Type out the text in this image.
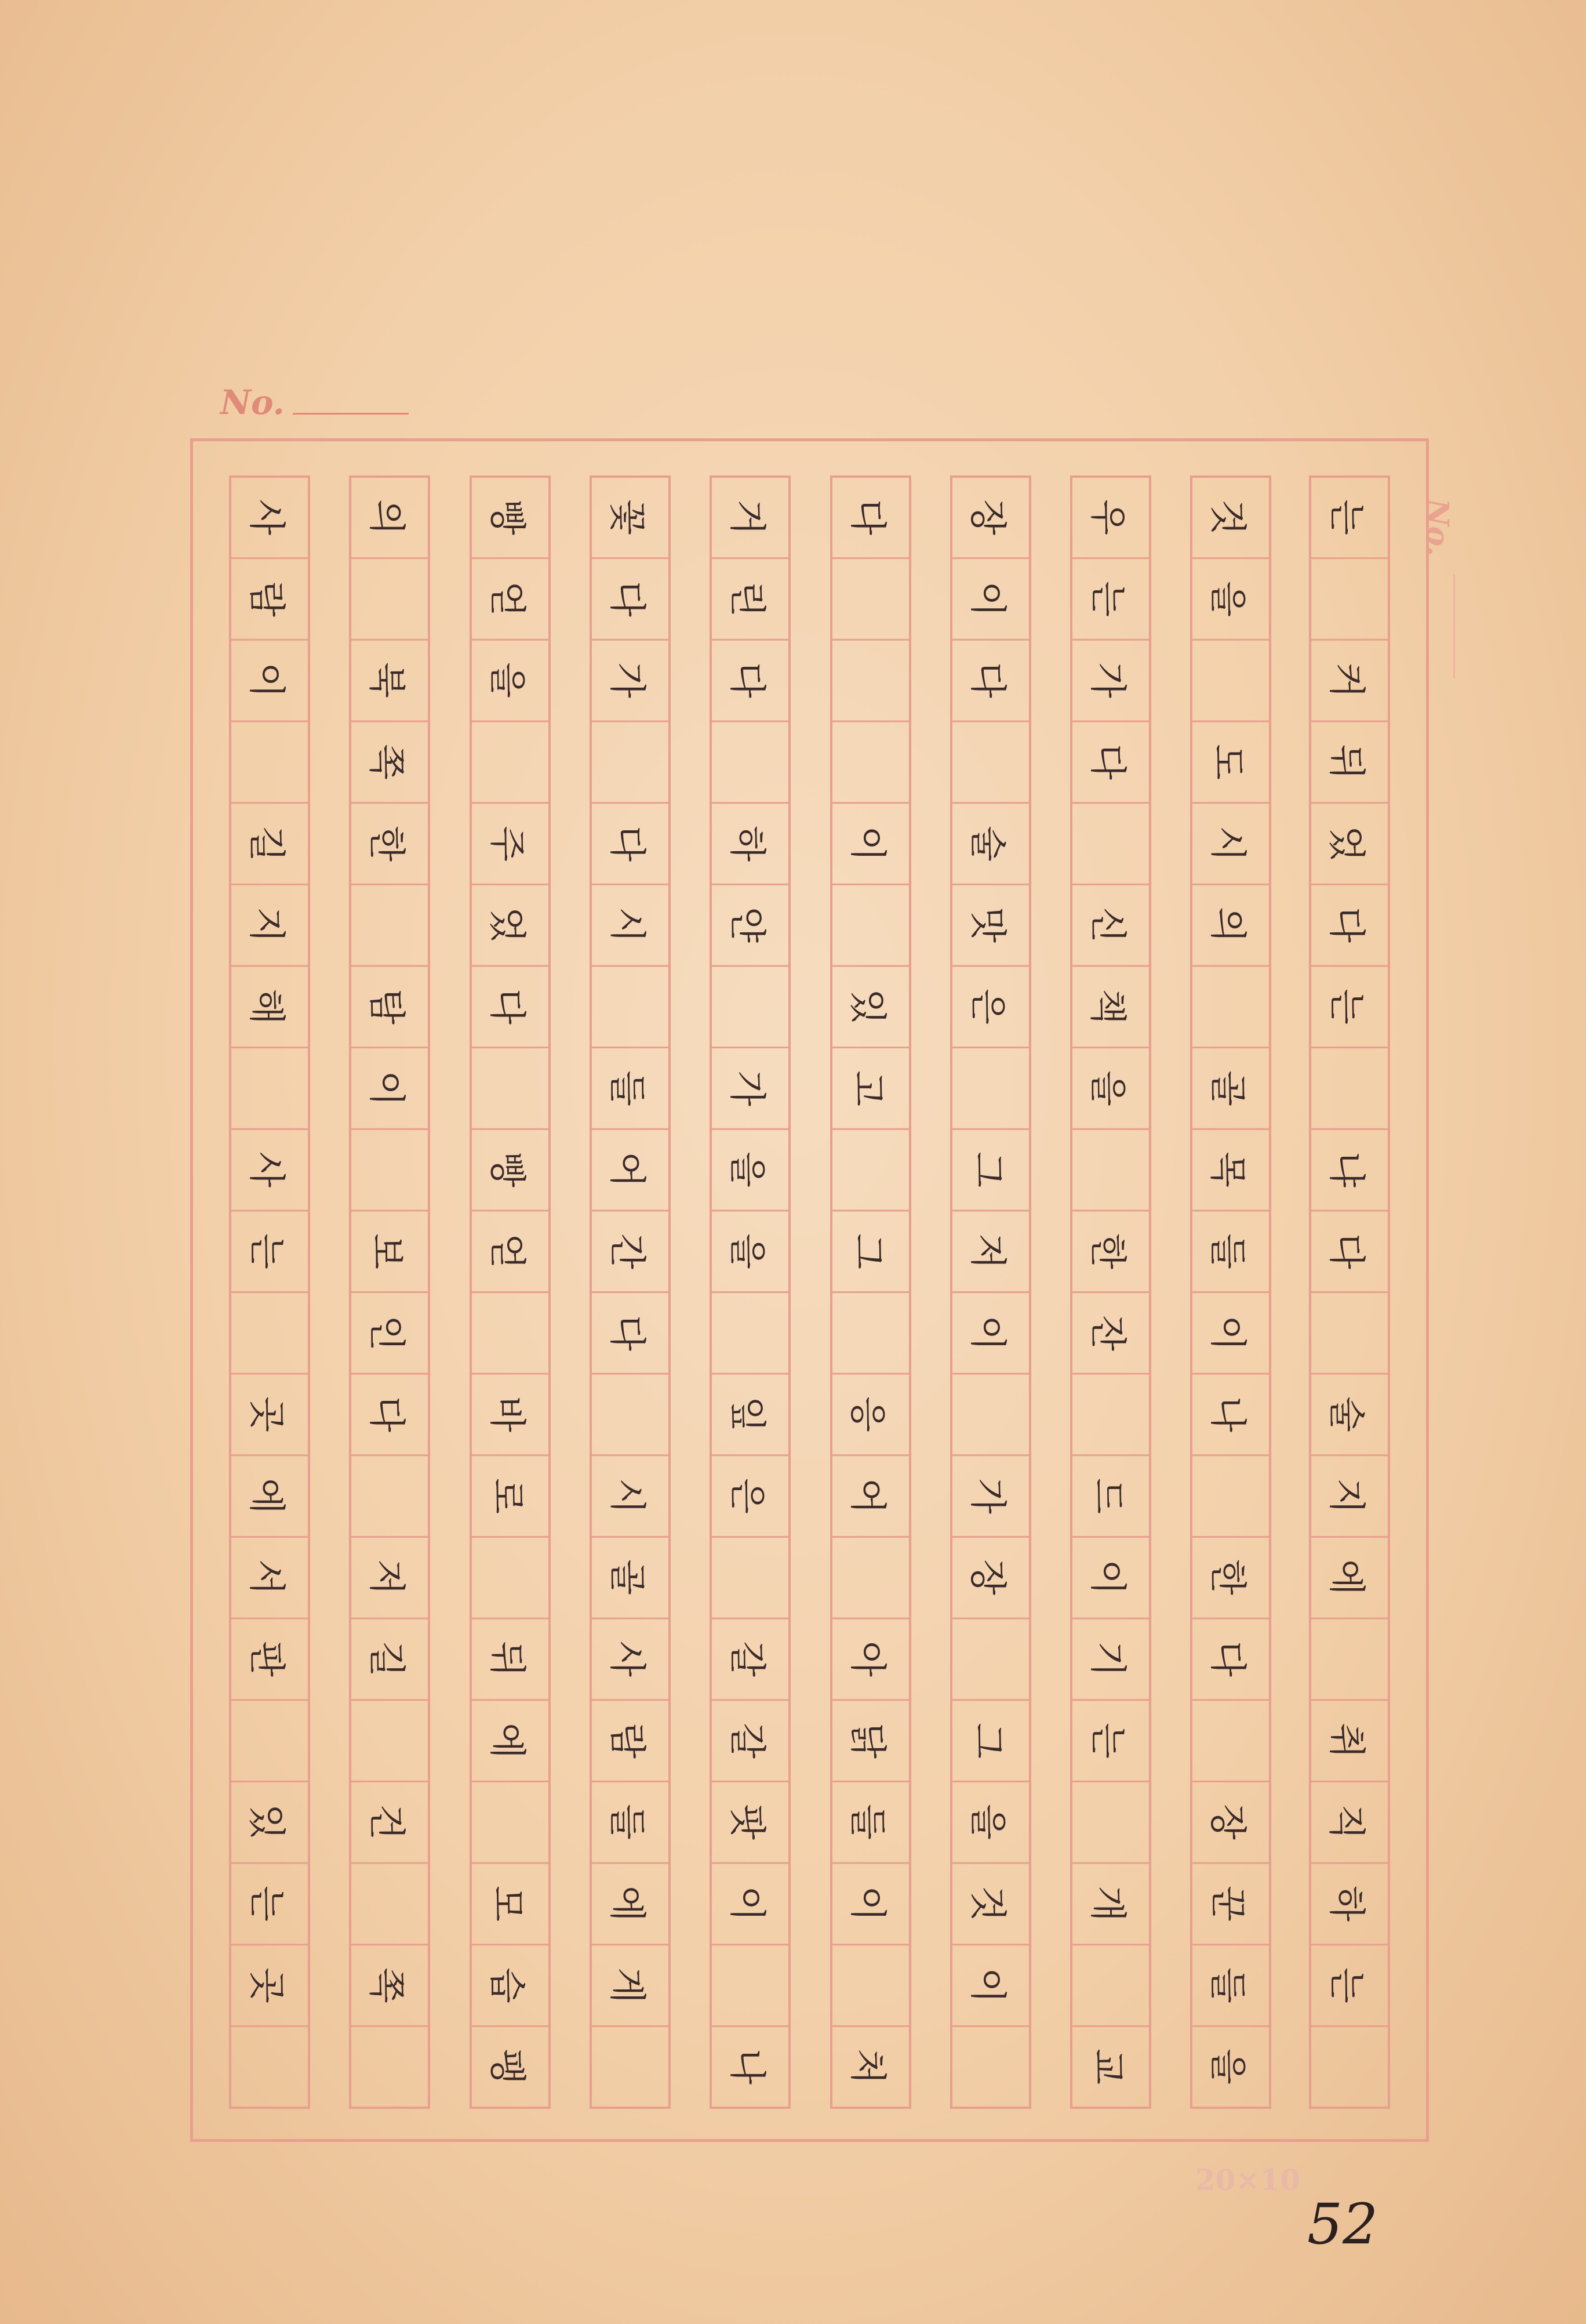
No.
No.
는
커
뒤
었
다
는
냐
다
술
지
에
취
직
하
는
것
을
도
시
의
골
목
들
이
나
한
다
장
꾼
들
을
우
는
가
다
신
책
을
한
잔
드
이
기
는
개
교
장
이
다
술
맛
은
그
저
이
가
장
그
을
것
이
다
이
있
고
그
응
어
아
닭
들
이
처
거
린
다
하
얀
가
을
을
잎
은
갈
갈
팟
이
나
꽃
다
가
다
시
들
어
간
다
시
골
사
람
들
에
게
빵
얻
을
주
었
다
빵
얻
바
로
뒤
에
모
습
팽
의
북
쪽
한
탐
이
보
인
다
저
길
건
쪽
사
람
이
길
지
해
사
는
곳
에
서
판
있
는
곳
20×10
52
